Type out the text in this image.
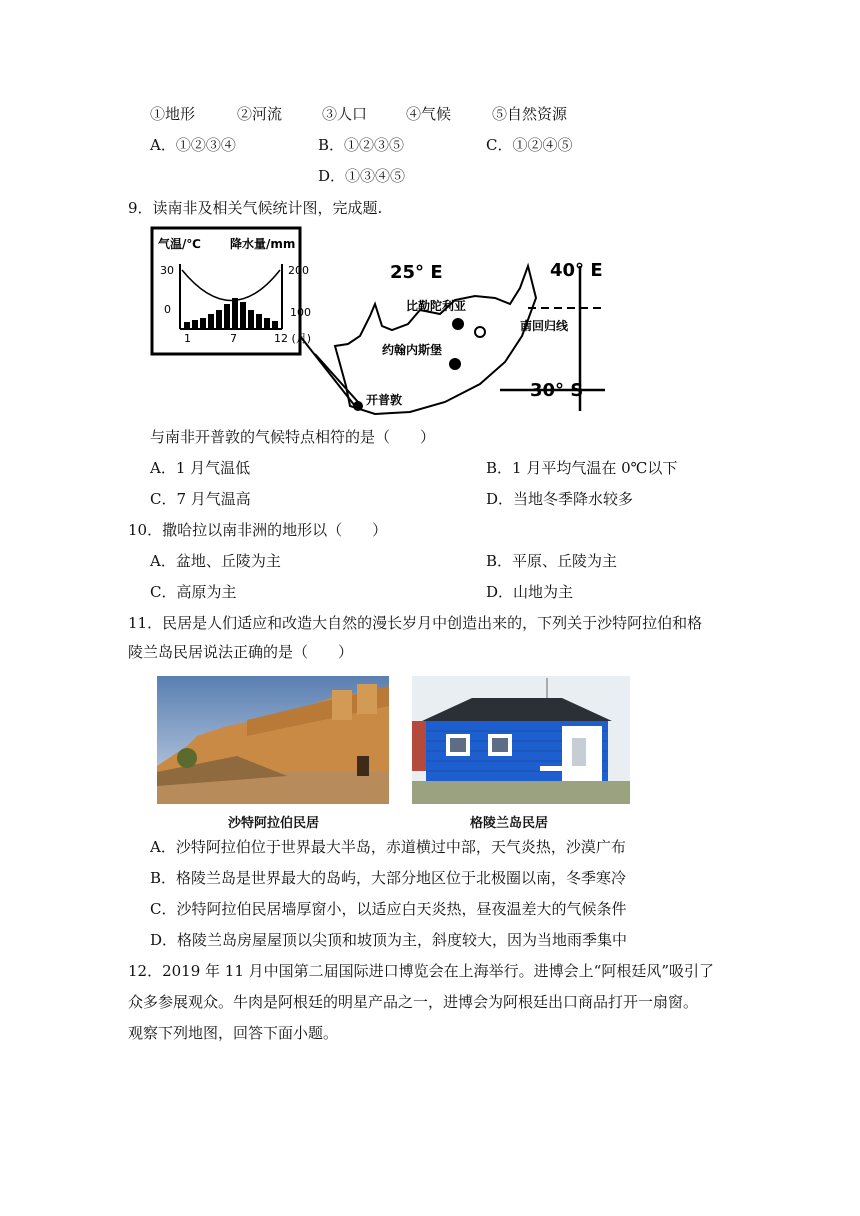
①地形	②河流	③人口	④气候	⑤自然资源
A．①②③④	B．①②③⑤	C．①②④⑤
D．①③④⑤
9．读南非及相关气候统计图，完成题.
气温/℃ 降水量/mm
30
0
200
100
1	7	12 (月)
25° E	40° E
南回归线
30° S
比勒陀利亚
约翰内斯堡
开普敦
与南非开普敦的气候特点相符的是（　　）
A．1 月气温低	B．1 月平均气温在 0℃以下
C．7 月气温高	D．当地冬季降水较多
10．撒哈拉以南非洲的地形以（　　）
A．盆地、丘陵为主	B．平原、丘陵为主
C．高原为主	D．山地为主
11．民居是人们适应和改造大自然的漫长岁月中创造出来的，下列关于沙特阿拉伯和格
陵兰岛民居说法正确的是（　　）
沙特阿拉伯民居	格陵兰岛民居
A．沙特阿拉伯位于世界最大半岛，赤道横过中部，天气炎热，沙漠广布
B．格陵兰岛是世界最大的岛屿，大部分地区位于北极圈以南，冬季寒冷
C．沙特阿拉伯民居墙厚窗小，以适应白天炎热，昼夜温差大的气候条件
D．格陵兰岛房屋屋顶以尖顶和坡顶为主，斜度较大，因为当地雨季集中
12．2019 年 11 月中国第二届国际进口博览会在上海举行。进博会上“阿根廷风”吸引了
众多参展观众。牛肉是阿根廷的明星产品之一，进博会为阿根廷出口商品打开一扇窗。
观察下列地图，回答下面小题。
